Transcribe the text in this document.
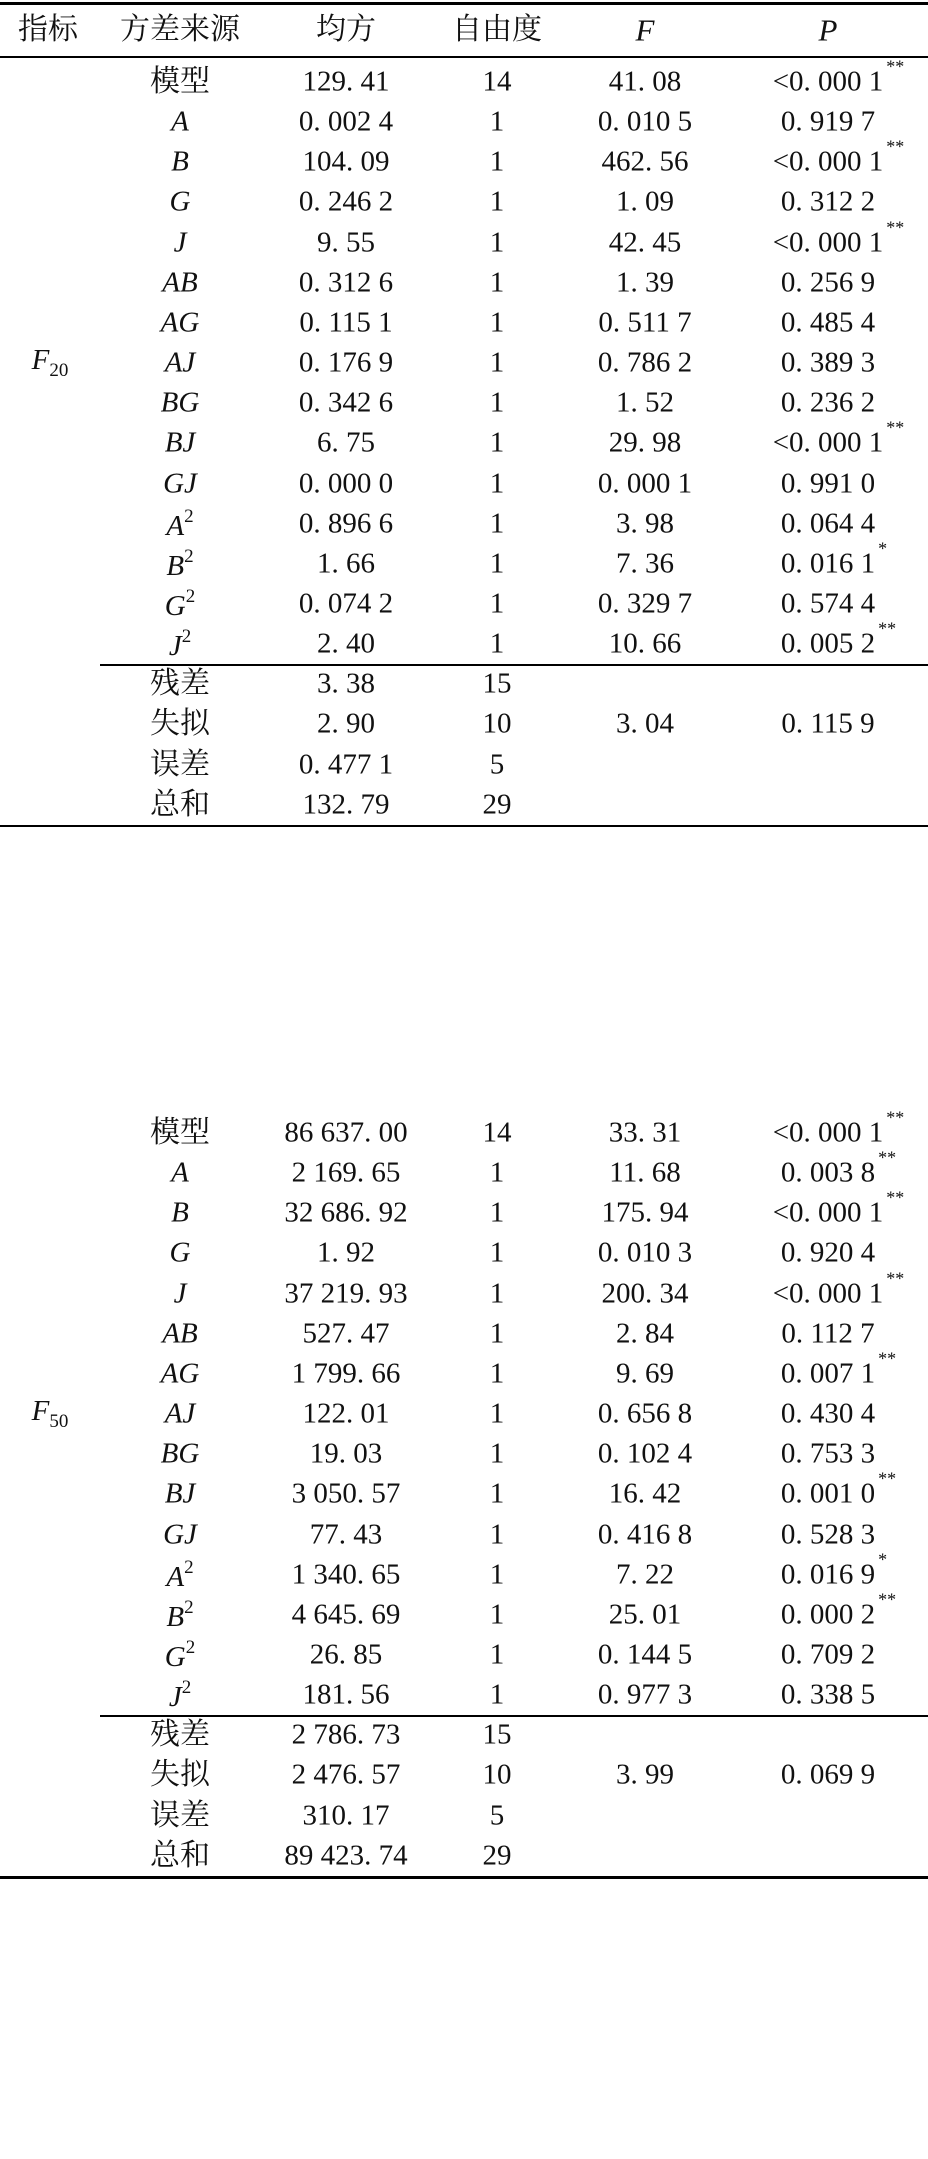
指标 方差来源	均方	自由度	F	P
$F_{20}$
模型	129. 41	14	41. 08	<0. 000 1 **
A	0. 002 4	1	0. 010 5	0. 919 7
B	104. 09	1	462. 56	<0. 000 1 **
G	0. 246 2	1	1. 09	0. 312 2
J	9. 55	1	42. 45	<0. 000 1 **
AB	0. 312 6	1	1. 39	0. 256 9
AG	0. 115 1	1	0. 511 7	0. 485 4
AJ	0. 176 9	1	0. 786 2	0. 389 3
BG	0. 342 6	1	1. 52	0. 236 2
BJ	6. 75	1	29. 98	<0. 000 1 **
GJ	0. 000 0	1	0. 000 1	0. 991 0
$A^2$	0. 896 6	1	3. 98	0. 064 4
$B^2$	1. 66	1	7. 36	0. 016 1 *
$G^2$	0. 074 2	1	0. 329 7	0. 574 4
$J^2$	2. 40	1	10. 66	0. 005 2 **
残差	3. 38	15
失拟	2. 90	10	3. 04	0. 115 9
误差	0. 477 1	5
总和	132. 79	29
$F_{50}$
模型	86 637. 00	14	33. 31	<0. 000 1 **
A	2 169. 65	1	11. 68	0. 003 8 **
B	32 686. 92	1	175. 94	<0. 000 1 **
G	1. 92	1	0. 010 3	0. 920 4
J	37 219. 93	1	200. 34	<0. 000 1 **
AB	527. 47	1	2. 84	0. 112 7
AG	1 799. 66	1	9. 69	0. 007 1 **
AJ	122. 01	1	0. 656 8	0. 430 4
BG	19. 03	1	0. 102 4	0. 753 3
BJ	3 050. 57	1	16. 42	0. 001 0 **
GJ	77. 43	1	0. 416 8	0. 528 3
$A^2$	1 340. 65	1	7. 22	0. 016 9 *
$B^2$	4 645. 69	1	25. 01	0. 000 2 **
$G^2$	26. 85	1	0. 144 5	0. 709 2
$J^2$	181. 56	1	0. 977 3	0. 338 5
残差	2 786. 73	15
失拟	2 476. 57	10	3. 99	0. 069 9
误差	310. 17	5
总和	89 423. 74	29
